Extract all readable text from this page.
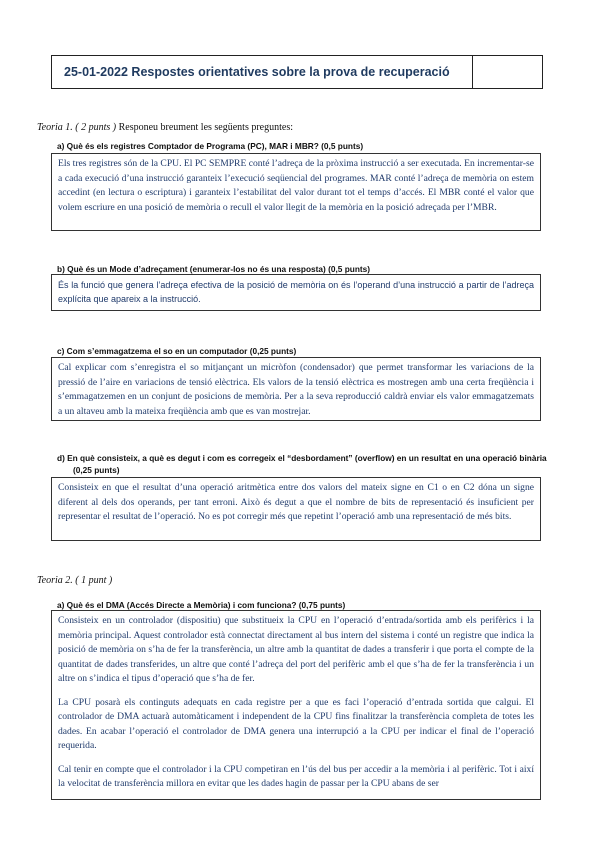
25-01-2022 Respostes orientatives sobre la prova de recuperació
Teoria 1. ( 2 punts ) Responeu breument les següents preguntes:
a) Què és els registres Comptador de Programa (PC), MAR i MBR? (0,5 punts)
Els tres registres són de la CPU. El PC SEMPRE conté l’adreça de la pròxima instrucció a ser executada. En incrementar-se a cada execució d’una instrucció garanteix l’execució seqüencial del programes. MAR conté l’adreça de memòria on estem accedint (en lectura o escriptura) i garanteix l’estabilitat del valor durant tot el temps d’accés. El MBR conté el valor que volem escriure en una posició de memòria o recull el valor llegit de la memòria en la posició adreçada per l’MBR.
b) Què és un Mode d’adreçament (enumerar-los no és una resposta) (0,5 punts)
És la funció que genera l’adreça efectiva de la posició de memòria on és l’operand d’una instrucció a partir de l’adreça explícita que apareix a la instrucció.
c) Com s’emmagatzema el so en un computador (0,25 punts)
Cal explicar com s’enregistra el so mitjançant un micròfon (condensador) que permet transformar les variacions de la pressió de l’aire en variacions de tensió elèctrica. Els valors de la tensió elèctrica es mostregen amb una certa freqüència i s’emmagatzemen en un conjunt de posicions de memòria. Per a la seva reproducció caldrà enviar els valor emmagatzemats a un altaveu amb la mateixa freqüència amb que es van mostrejar.
d) En què consisteix, a què es degut i com es corregeix el “desbordament” (overflow) en un resultat en una operació binària
(0,25 punts)
Consisteix en que el resultat d’una operació aritmètica entre dos valors del mateix signe en C1 o en C2 dóna un signe diferent al dels dos operands, per tant erroni. Això és degut a que el nombre de bits de representació és insuficient per representar el resultat de l’operació. No es pot corregir més que repetint l’operació amb una representació de més bits.
Teoria 2. ( 1 punt )
a) Què és el DMA (Accés Directe a Memòria) i com funciona? (0,75 punts)

Consisteix en un controlador (dispositiu) que substitueix la CPU en l’operació d’entrada/sortida amb els perifèrics i la memòria principal. Aquest controlador està connectat directament al bus intern del sistema i conté un registre que indica la posició de memòria on s’ha de fer la transferència, un altre amb la quantitat de dades a transferir i que porta el compte de la quantitat de dades transferides, un altre que conté l’adreça del port del perifèric amb el que s’ha de fer la transferència i un altre on s’indica el tipus d’operació que s’ha de fer.

La CPU posarà els continguts adequats en cada registre per a que es faci l’operació d’entrada sortida que calgui. El controlador de DMA actuarà automàticament i independent de la CPU fins finalitzar la transferència completa de totes les dades. En acabar l’operació el controlador de DMA genera una interrupció a la CPU per indicar el final de l’operació requerida.

Cal tenir en compte que el controlador i la CPU competiran en l’ús del bus per accedir a la memòria i al perifèric. Tot i així la velocitat de transferència millora en evitar que les dades hagin de passar per la CPU abans de ser
